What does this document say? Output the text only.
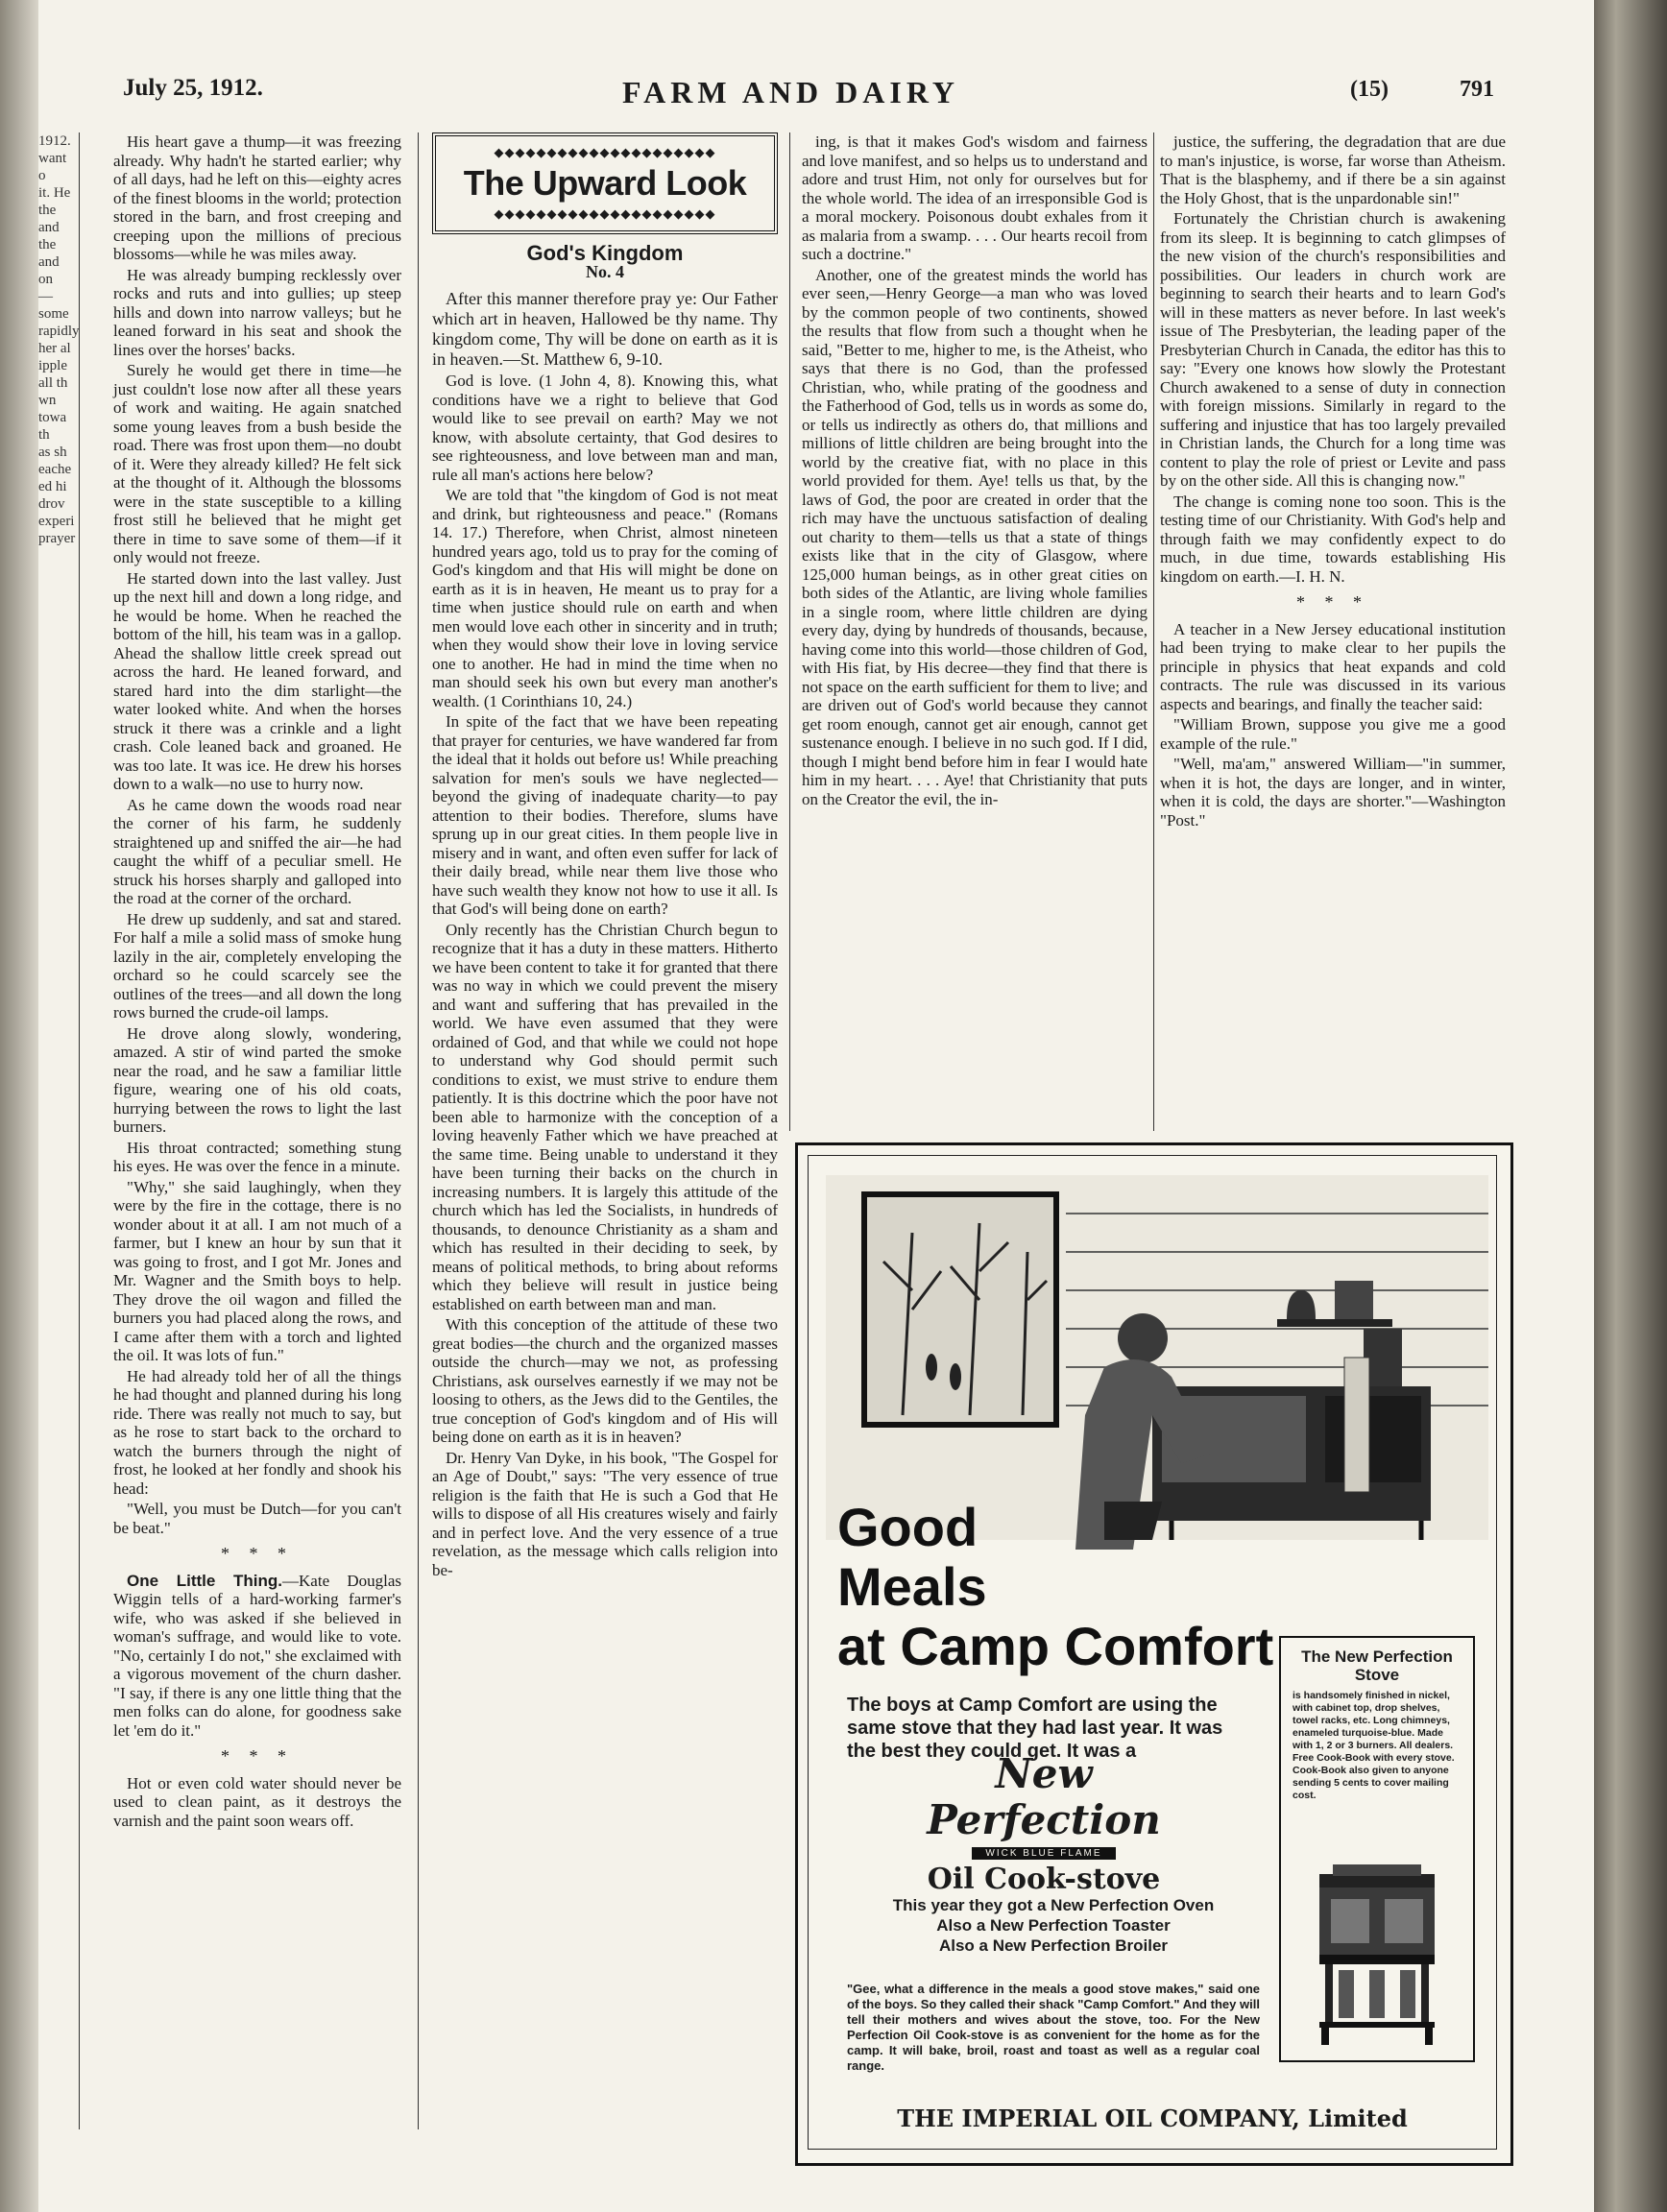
July 25, 1912.	FARM AND DAIRY	(15)	791
1912.
want o
it. He
the
and the
and on
—some
rapidly
her al
ipple
all th
wn
towa
th
as sh
eache
ed hi
drov
experi
prayer

His heart gave a thump—it was freezing already. Why hadn't he started earlier; why of all days, had he left on this—eighty acres of the finest blooms in the world; protection stored in the barn, and frost creeping and creeping upon the millions of precious blossoms—while he was miles away.

He was already bumping recklessly over rocks and ruts and into gullies; up steep hills and down into narrow valleys; but he leaned forward in his seat and shook the lines over the horses' backs.

Surely he would get there in time—he just couldn't lose now after all these years of work and waiting. He again snatched some young leaves from a bush beside the road. There was frost upon them—no doubt of it. Were they already killed? He felt sick at the thought of it. Although the blossoms were in the state susceptible to a killing frost still he believed that he might get there in time to save some of them—if it only would not freeze.

He started down into the last valley. Just up the next hill and down a long ridge, and he would be home. When he reached the bottom of the hill, his team was in a gallop. Ahead the shallow little creek spread out across the hard. He leaned forward, and stared hard into the dim starlight—the water looked white. And when the horses struck it there was a crinkle and a light crash. Cole leaned back and groaned. He was too late. It was ice. He drew his horses down to a walk—no use to hurry now.

As he came down the woods road near the corner of his farm, he suddenly straightened up and sniffed the air—he had caught the whiff of a peculiar smell. He struck his horses sharply and galloped into the road at the corner of the orchard.

He drew up suddenly, and sat and stared. For half a mile a solid mass of smoke hung lazily in the air, completely enveloping the orchard so he could scarcely see the outlines of the trees—and all down the long rows burned the crude-oil lamps.

He drove along slowly, wondering, amazed. A stir of wind parted the smoke near the road, and he saw a familiar little figure, wearing one of his old coats, hurrying between the rows to light the last burners.

His throat contracted; something stung his eyes. He was over the fence in a minute.

"Why," she said laughingly, when they were by the fire in the cottage, there is no wonder about it at all. I am not much of a farmer, but I knew an hour by sun that it was going to frost, and I got Mr. Jones and Mr. Wagner and the Smith boys to help. They drove the oil wagon and filled the burners you had placed along the rows, and I came after them with a torch and lighted the oil. It was lots of fun."

He had already told her of all the things he had thought and planned during his long ride. There was really not much to say, but as he rose to start back to the orchard to watch the burners through the night of frost, he looked at her fondly and shook his head:

"Well, you must be Dutch—for you can't be beat."

* * *

One Little Thing.—Kate Douglas Wiggin tells of a hard-working farmer's wife, who was asked if she believed in woman's suffrage, and would like to vote. "No, certainly I do not," she exclaimed with a vigorous movement of the churn dasher. "I say, if there is any one little thing that the men folks can do alone, for goodness sake let 'em do it."

* * *

Hot or even cold water should never be used to clean paint, as it destroys the varnish and the paint soon wears off.

◆◆◆◆◆◆◆◆◆◆◆◆◆◆◆◆◆◆◆◆◆
The Upward Look
◆◆◆◆◆◆◆◆◆◆◆◆◆◆◆◆◆◆◆◆◆
God's Kingdom
No. 4

After this manner therefore pray ye: Our Father which art in heaven, Hallowed be thy name. Thy kingdom come, Thy will be done on earth as it is in heaven.—St. Matthew 6, 9-10.

God is love. (1 John 4, 8). Knowing this, what conditions have we a right to believe that God would like to see prevail on earth? May we not know, with absolute certainty, that God desires to see righteousness, and love between man and man, rule all man's actions here below?

We are told that "the kingdom of God is not meat and drink, but righteousness and peace." (Romans 14. 17.) Therefore, when Christ, almost nineteen hundred years ago, told us to pray for the coming of God's kingdom and that His will might be done on earth as it is in heaven, He meant us to pray for a time when justice should rule on earth and when men would love each other in sincerity and in truth; when they would show their love in loving service one to another. He had in mind the time when no man should seek his own but every man another's wealth. (1 Corinthians 10, 24.)

In spite of the fact that we have been repeating that prayer for centuries, we have wandered far from the ideal that it holds out before us! While preaching salvation for men's souls we have neglected—beyond the giving of inadequate charity—to pay attention to their bodies. Therefore, slums have sprung up in our great cities. In them people live in misery and in want, and often even suffer for lack of their daily bread, while near them live those who have such wealth they know not how to use it all. Is that God's will being done on earth?

Only recently has the Christian Church begun to recognize that it has a duty in these matters. Hitherto we have been content to take it for granted that there was no way in which we could prevent the misery and want and suffering that has prevailed in the world. We have even assumed that they were ordained of God, and that while we could not hope to understand why God should permit such conditions to exist, we must strive to endure them patiently. It is this doctrine which the poor have not been able to harmonize with the conception of a loving heavenly Father which we have preached at the same time. Being unable to understand it they have been turning their backs on the church in increasing numbers. It is largely this attitude of the church which has led the Socialists, in hundreds of thousands, to denounce Christianity as a sham and which has resulted in their deciding to seek, by means of political methods, to bring about reforms which they believe will result in justice being established on earth between man and man.

With this conception of the attitude of these two great bodies—the church and the organized masses outside the church—may we not, as professing Christians, ask ourselves earnestly if we may not be loosing to others, as the Jews did to the Gentiles, the true conception of God's kingdom and of His will being done on earth as it is in heaven?

Dr. Henry Van Dyke, in his book, "The Gospel for an Age of Doubt," says: "The very essence of true religion is the faith that He is such a God that He wills to dispose of all His creatures wisely and fairly and in perfect love. And the very essence of a true revelation, as the message which calls religion into be-

ing, is that it makes God's wisdom and fairness and love manifest, and so helps us to understand and adore and trust Him, not only for ourselves but for the whole world. The idea of an irresponsible God is a moral mockery. Poisonous doubt exhales from it as malaria from a swamp. . . . Our hearts recoil from such a doctrine."

Another, one of the greatest minds the world has ever seen,—Henry George—a man who was loved by the common people of two continents, showed the results that flow from such a thought when he said, "Better to me, higher to me, is the Atheist, who says that there is no God, than the professed Christian, who, while prating of the goodness and the Fatherhood of God, tells us in words as some do, or tells us indirectly as others do, that millions and millions of little children are being brought into the world by the creative fiat, with no place in this world provided for them. Aye! tells us that, by the laws of God, the poor are created in order that the rich may have the unctuous satisfaction of dealing out charity to them—tells us that a state of things exists like that in the city of Glasgow, where 125,000 human beings, as in other great cities on both sides of the Atlantic, are living whole families in a single room, where little children are dying every day, dying by hundreds of thousands, because, having come into this world—those children of God, with His fiat, by His decree—they find that there is not space on the earth sufficient for them to live; and are driven out of God's world because they cannot get room enough, cannot get air enough, cannot get sustenance enough. I believe in no such god. If I did, though I might bend before him in fear I would hate him in my heart. . . . Aye! that Christianity that puts on the Creator the evil, the in-

justice, the suffering, the degradation that are due to man's injustice, is worse, far worse than Atheism. That is the blasphemy, and if there be a sin against the Holy Ghost, that is the unpardonable sin!"

Fortunately the Christian church is awakening from its sleep. It is beginning to catch glimpses of the new vision of the church's responsibilities and possibilities. Our leaders in church work are beginning to search their hearts and to learn God's will in these matters as never before. In last week's issue of The Presbyterian, the leading paper of the Presbyterian Church in Canada, the editor has this to say: "Every one knows how slowly the Protestant Church awakened to a sense of duty in connection with foreign missions. Similarly in regard to the suffering and injustice that has too largely prevailed in Christian lands, the Church for a long time was content to play the role of priest or Levite and pass by on the other side. All this is changing now."

The change is coming none too soon. This is the testing time of our Christianity. With God's help and through faith we may confidently expect to do much, in due time, towards establishing His kingdom on earth.—I. H. N.

* * *

A teacher in a New Jersey educational institution had been trying to make clear to her pupils the principle in physics that heat expands and cold contracts. The rule was discussed in its various aspects and bearings, and finally the teacher said:

"William Brown, suppose you give me a good example of the rule."

"Well, ma'am," answered William—"in summer, when it is hot, the days are longer, and in winter, when it is cold, the days are shorter."—Washington "Post."

Good
Meals
at Camp Comfort
The boys at Camp Comfort are using the same stove that they had last year. It was the best they could get. It was a
New Perfection
WICK BLUE FLAME
Oil Cook-stove
This year they got a New Perfection Oven
Also a New Perfection Toaster
Also a New Perfection Broiler
"Gee, what a difference in the meals a good stove makes," said one of the boys. So they called their shack "Camp Comfort." And they will tell their mothers and wives about the stove, too. For the New Perfection Oil Cook-stove is as convenient for the home as for the camp. It will bake, broil, roast and toast as well as a regular coal range.
The New Perfection Stove
is handsomely finished in nickel, with cabinet top, drop shelves, towel racks, etc. Long chimneys, enameled turquoise-blue. Made with 1, 2 or 3 burners. All dealers. Free Cook-Book with every stove. Cook-Book also given to anyone sending 5 cents to cover mailing cost.
THE IMPERIAL OIL COMPANY, Limited
